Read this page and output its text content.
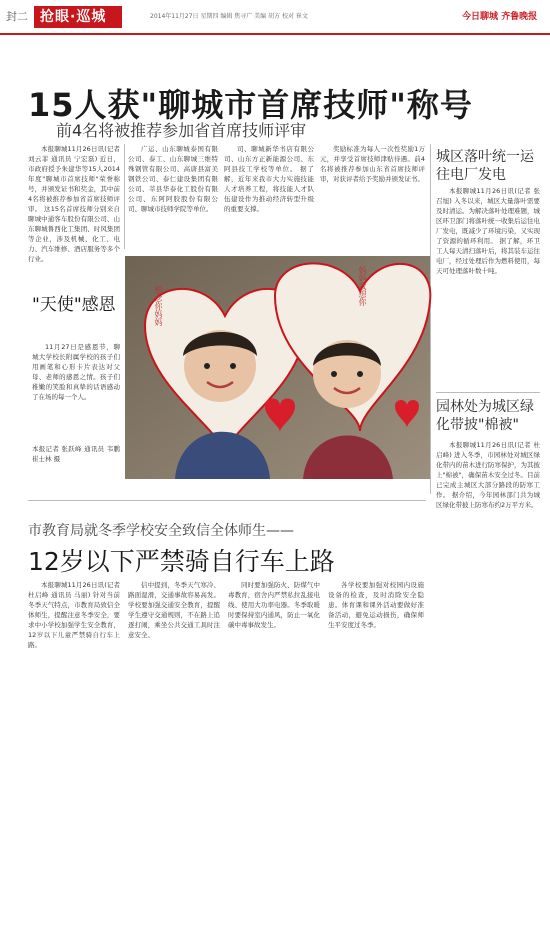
封二 抢眼·巡城	2014年11月27日 星期四 编辑 焦寻广 美编 胡方 校对 崔文	今日聊城 齐鲁晚报
15人获"聊城市首席技师"称号
前4名将被推荐参加省首席技师评审

本报聊城11月26日讯(记者 刘云菲 通讯员 宁宏磊) 近日，市政府授予朱建华等15人2014年度"聊城市首席技师"荣誉称号，并颁发证书和奖金，其中前4名将被推荐参加省首席技师评审。 这15名首席技师分别来自聊城中通客车股份有限公司、山东聊城鲁西化工集团、时风集团等企业，涉及机械、化工、电力、汽车维修、酒店服务等多个行业。

广运、山东聊城泰国有限公司、泰工、山东聊城三维特殊钢管有限公司、高唐县富美钢铁公司、泰仁建设集团有限公司、莘县华泰化工股份有限公司、东阿阿胶股份有限公司、聊城市技师学院等单位。

司、聊城新华书店有限公司、山东方正新能源公司、东阿县技工学校等单位。 据了解，近年来我市大力实施技能人才培养工程，将技能人才队伍建设作为推动经济转型升级的重要支撑。

奖励标准为每人一次性奖励1万元，并享受首席技师津贴待遇。前4名将被推荐参加山东省首席技师评审，对获评者给予奖励并颁发证书。

"天使"感恩

11月27日是感恩节，聊城大学校长附属学校的孩子们用画笔和心形卡片表达对父母、老师的感恩之情。孩子们稚嫩的笑脸和真挚的话语感动了在场的每一个人。

本报记者 张跃峰 通讯员 韦鹏 崔士林 摄

妈妈我想你
想念你妈妈
城区落叶统一运往电厂发电

本报聊城11月26日讯(记者 张召旭) 入冬以来，城区大量落叶需要及时清运。为解决落叶处理难题，城区环卫部门将落叶统一收集后运往电厂发电，既减少了环境污染，又实现了资源的循环利用。 据了解，环卫工人每天清扫落叶后，将其装车运往电厂，经过处理后作为燃料使用，每天可处理落叶数十吨。

园林处为城区绿化带披"棉被"

本报聊城11月26日讯(记者 杜启峰) 进入冬季，市园林处对城区绿化带内的苗木进行防寒保护，为其披上"棉被"，确保苗木安全过冬。目前已完成主城区大部分路段的防寒工作。 据介绍，今年园林部门共为城区绿化带披上防寒布约2万平方米。

市教育局就冬季学校安全致信全体师生——
12岁以下严禁骑自行车上路

本报聊城11月26日讯(记者 杜启峰 通讯员 马丽) 针对当前冬季天气特点，市教育局致信全体师生，提醒注意冬季安全，要求中小学校加强学生安全教育，12岁以下儿童严禁骑自行车上路。

信中提到，冬季天气寒冷、路面湿滑，交通事故容易高发。学校要加强交通安全教育，提醒学生遵守交通规则，不在路上追逐打闹，乘坐公共交通工具时注意安全。

同时要加强防火、防煤气中毒教育，宿舍内严禁私拉乱接电线、使用大功率电器。冬季取暖时要保持室内通风，防止一氧化碳中毒事故发生。

各学校要加强对校园内设施设备的检查，及时消除安全隐患。体育课和课外活动要做好准备活动，避免运动损伤，确保师生平安度过冬季。
